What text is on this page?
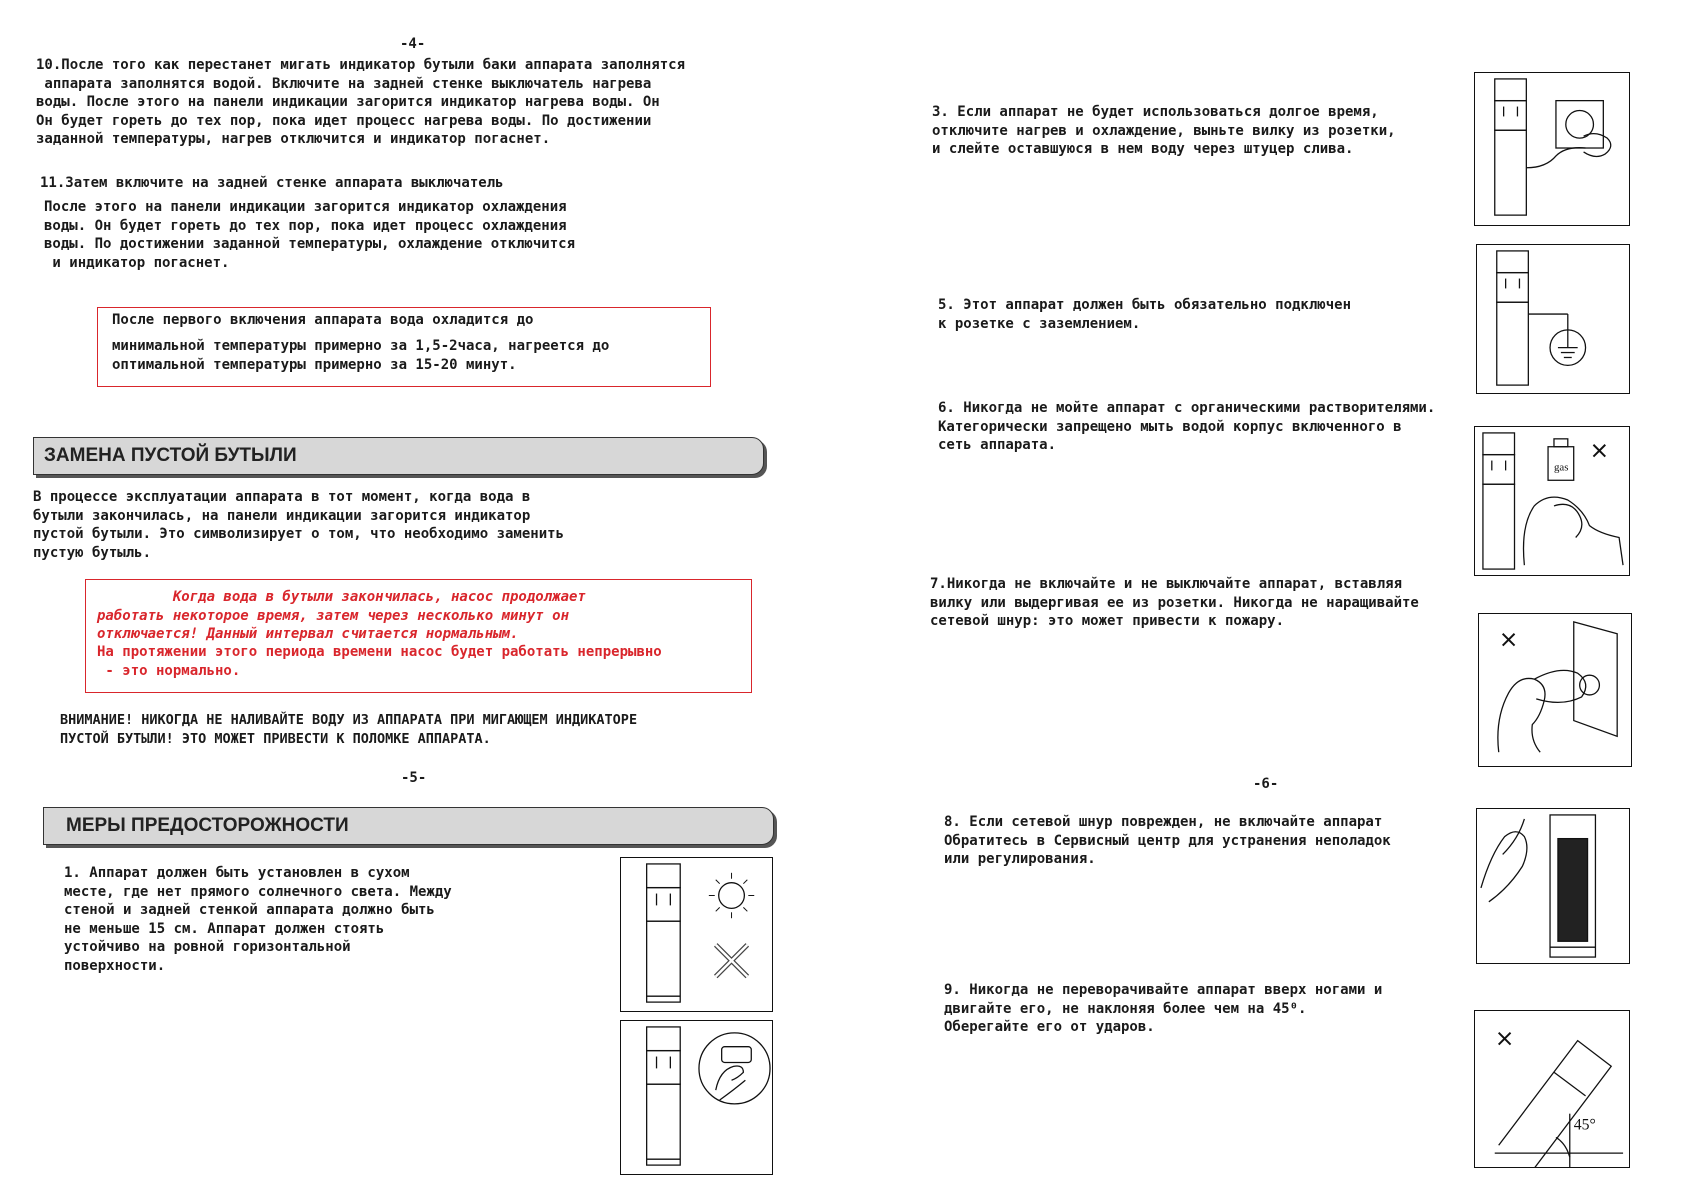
-4-
10.После того как перестанет мигать индикатор бутыли баки аппарата заполнятся
аппарата заполнятся водой. Включите на задней стенке выключатель нагрева
воды. После этого на панели индикации загорится индикатор нагрева воды. Он
Он будет гореть до тех пор, пока идет процесс нагрева воды. По достижении
заданной температуры, нагрев отключится и индикатор погаснет.
11.Затем включите на задней стенке аппарата выключатель
После этого на панели индикации загорится индикатор охлаждения
воды. Он будет гореть до тех пор, пока идет процесс охлаждения
воды. По достижении заданной температуры, охлаждение отключится
и индикатор погаснет.
После первого включения аппарата вода охладится до
минимальной температуры примерно за 1,5-2часа, нагреется до
оптимальной температуры примерно за 15-20 минут.
ЗАМЕНА ПУСТОЙ БУТЫЛИ
В процессе эксплуатации аппарата в тот момент, когда вода в
бутыли закончилась, на панели индикации загорится индикатор
пустой бутыли. Это символизирует о том, что необходимо заменить
пустую бутыль.
Когда вода в бутыли закончилась, насос продолжает
работать некоторое время, затем через несколько минут он
отключается! Данный интервал считается нормальным.
На протяжении этого периода времени насос будет работать непрерывно
- это нормально.
ВНИМАНИЕ! НИКОГДА НЕ НАЛИВАЙТЕ ВОДУ ИЗ АППАРАТА ПРИ МИГАЮЩЕМ ИНДИКАТОРЕ
ПУСТОЙ БУТЫЛИ! ЭТО МОЖЕТ ПРИВЕСТИ К ПОЛОМКЕ АППАРАТА.
-5-
МЕРЫ ПРЕДОСТОРОЖНОСТИ
1. Аппарат должен быть установлен в сухом
месте, где нет прямого солнечного света. Между
стеной и задней стенкой аппарата должно быть
не меньше 15 см. Аппарат должен стоять
устойчиво на ровной горизонтальной
поверхности.
3. Если аппарат не будет использоваться долгое время,
отключите нагрев и охлаждение, выньте вилку из розетки,
и слейте оставшуюся в нем воду через штуцер слива.
5. Этот аппарат должен быть обязательно подключен
к розетке с заземлением.
6. Никогда не мойте аппарат с органическими растворителями.
Категорически запрещено мыть водой корпус включенного в
сеть аппарата.
gas
7.Никогда не включайте и не выключайте аппарат, вставляя
вилку или выдергивая ее из розетки. Никогда не наращивайте
сетевой шнур: это может привести к пожару.
-6-
8. Если сетевой шнур поврежден, не включайте аппарат
Обратитесь в Сервисный центр для устранения неполадок
или регулирования.
9. Никогда не переворачивайте аппарат вверх ногами и
двигайте его, не наклоняя более чем на 45⁰.
Оберегайте его от ударов.
45°
